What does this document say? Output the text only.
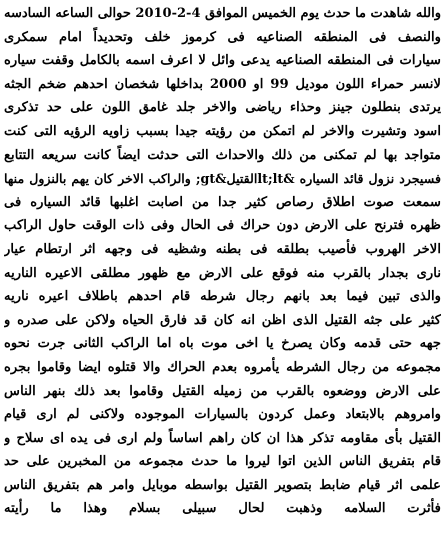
والله شاهدت ما حدث يوم الخميس الموافق 4-2-2010 حوالى الساعه السادسه
والنصف فى المنطقه الصناعيه فى كرموز خلف وتحديداً امام سمكرى
سيارات فى المنطقه الصناعيه يدعى وائل لا اعرف اسمه بالكامل وقفت سياره
لانسر حمراء اللون موديل 99 او 2000 بداخلها شخصان احدهم ضخم الجثه
يرتدى بنطلون جينز وحذاء رياضى والاخر جلد غامق اللون على حد تذكرى
اسود وتشيرت والاخر لم اتمكن من رؤيته جيدا بسبب زاويه الرؤيه التى كنت
متواجد بها لم تمكنى من ذلك والاحداث التى حدثت ايضاً كانت سريعه التتابع
فسيجرد نزول قائد السياره &lt;ltالقتيل&gt; والراكب الاخر كان يهم بالنزول منها
سمعت صوت اطلاق رصاص كثير جدا من اصابت اغلبها قائد السياره فى
ظهره فترنح على الارض دون حراك فى الحال وفى ذات الوقت حاول الراكب
الاخر الهروب فأصيب بطلقه فى بطنه وشظيه فى وجهه اثر ارتطام عيار
نارى بجدار بالقرب منه فوقع على الارض مع ظهور مطلقى الاعيره الناريه
والذى تبين فيما بعد بانهم رجال شرطه قام احدهم باطلاف اعيره ناريه
كثير على جثه القتيل الذى اظن انه كان قد فارق الحياه ولاكن على صدره و
جهه حتى قدمه وكان يصرخ يا اخى موت باه اما الراكب الثانى جرت نحوه
مجموعه من رجال الشرطه يأمروه بعدم الحراك والا قتلوه ايضا وقاموا بجره
على الارض ووضعوه بالقرب من زميله القتيل وقاموا بعد ذلك بنهر الناس
وامروهم بالابتعاد وعمل كردون بالسيارات الموجوده ولاكنى لم ارى قيام
القتيل بأى مقاومه تذكر هذا ان كان راهم اساساً ولم ارى فى يده اى سلاح و
قام بتفريق الناس الذين اتوا ليروا ما حدث مجموعه من المخبرين على حد
علمى اثر قيام ضابط بتصوير القتيل بواسطه موبايل وامر هم بتفريق الناس
فأثرت السلامه وذهبت لحال سبيلى بسلام وهذا ما رأيته
